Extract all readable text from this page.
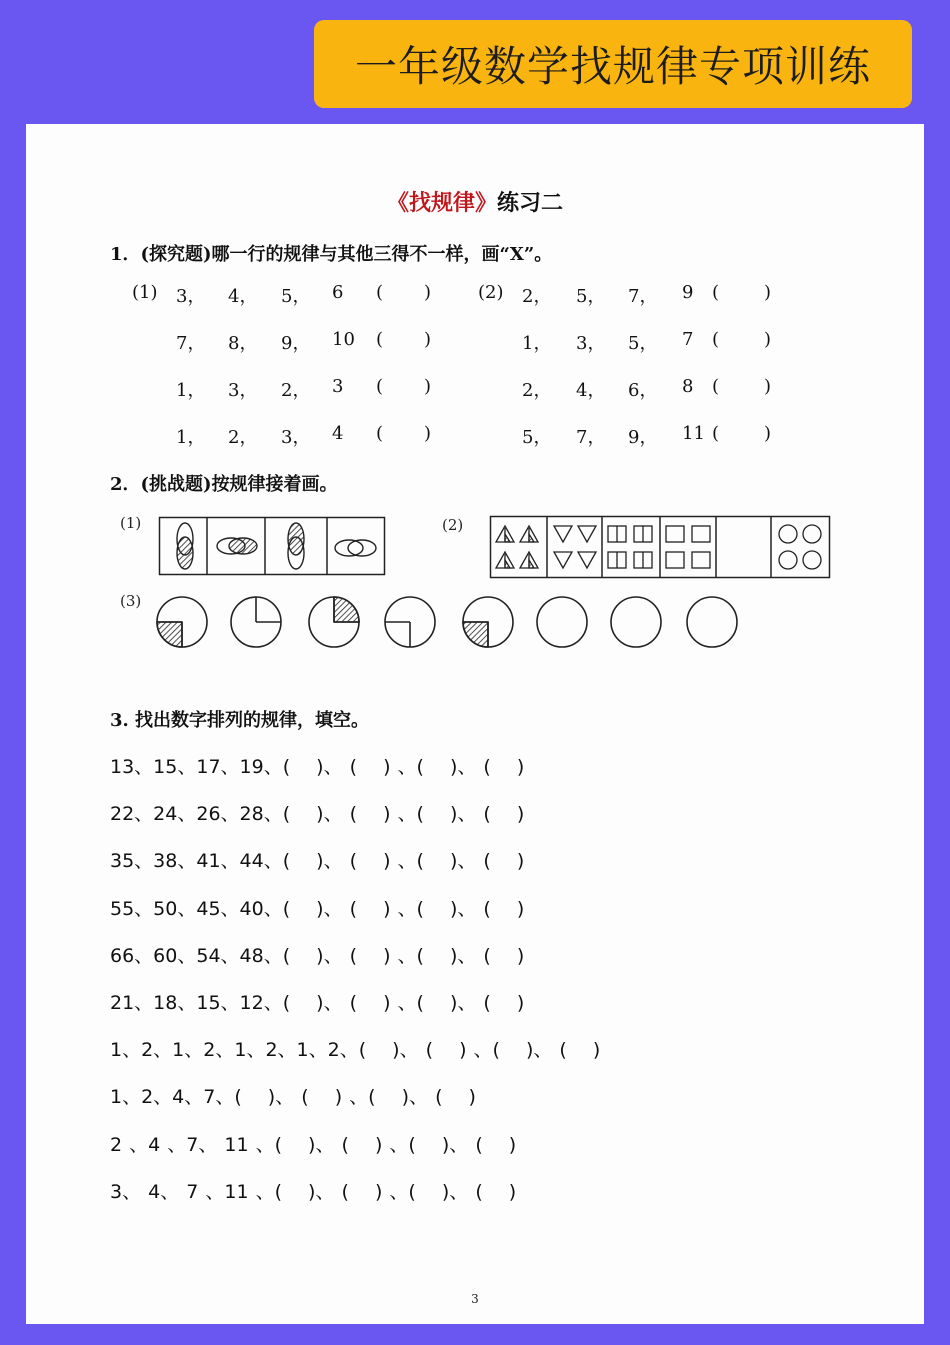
一年级数学找规律专项训练
《找规律》练习二
1．(探究题)哪一行的规律与其他三得不一样，画“X”。
(1)	(2)
3， 4， 5， 6 ( )
7， 8， 9， 10 ( )
1， 3， 2， 3 ( )
1， 2， 3， 4 ( )
2， 5， 7， 9 ( )
1， 3， 5， 7 ( )
2， 4， 6， 8 ( )
5， 7， 9， 11 ( )
2．(挑战题)按规律接着画。
(1)	(2)
(3)
3. 找出数字排列的规律，填空。
13、15、17、19、(　 )、 (　 ) 、(　 )、 (　 )
22、24、26、28、(　 )、 (　 ) 、(　 )、 (　 )
35、38、41、44、(　 )、 (　 ) 、(　 )、 (　 )
55、50、45、40、(　 )、 (　 ) 、(　 )、 (　 )
66、60、54、48、(　 )、 (　 ) 、(　 )、 (　 )
21、18、15、12、(　 )、 (　 ) 、(　 )、 (　 )
1、2、1、2、1、2、1、2、(　 )、 (　 ) 、(　 )、 (　 )
1、2、4、7、(　 )、 (　 ) 、(　 )、 (　 )
2 、4 、7、 11 、(　 )、 (　 ) 、(　 )、 (　 )
3、 4、 7 、11 、(　 )、 (　 ) 、(　 )、 (　 )
3
